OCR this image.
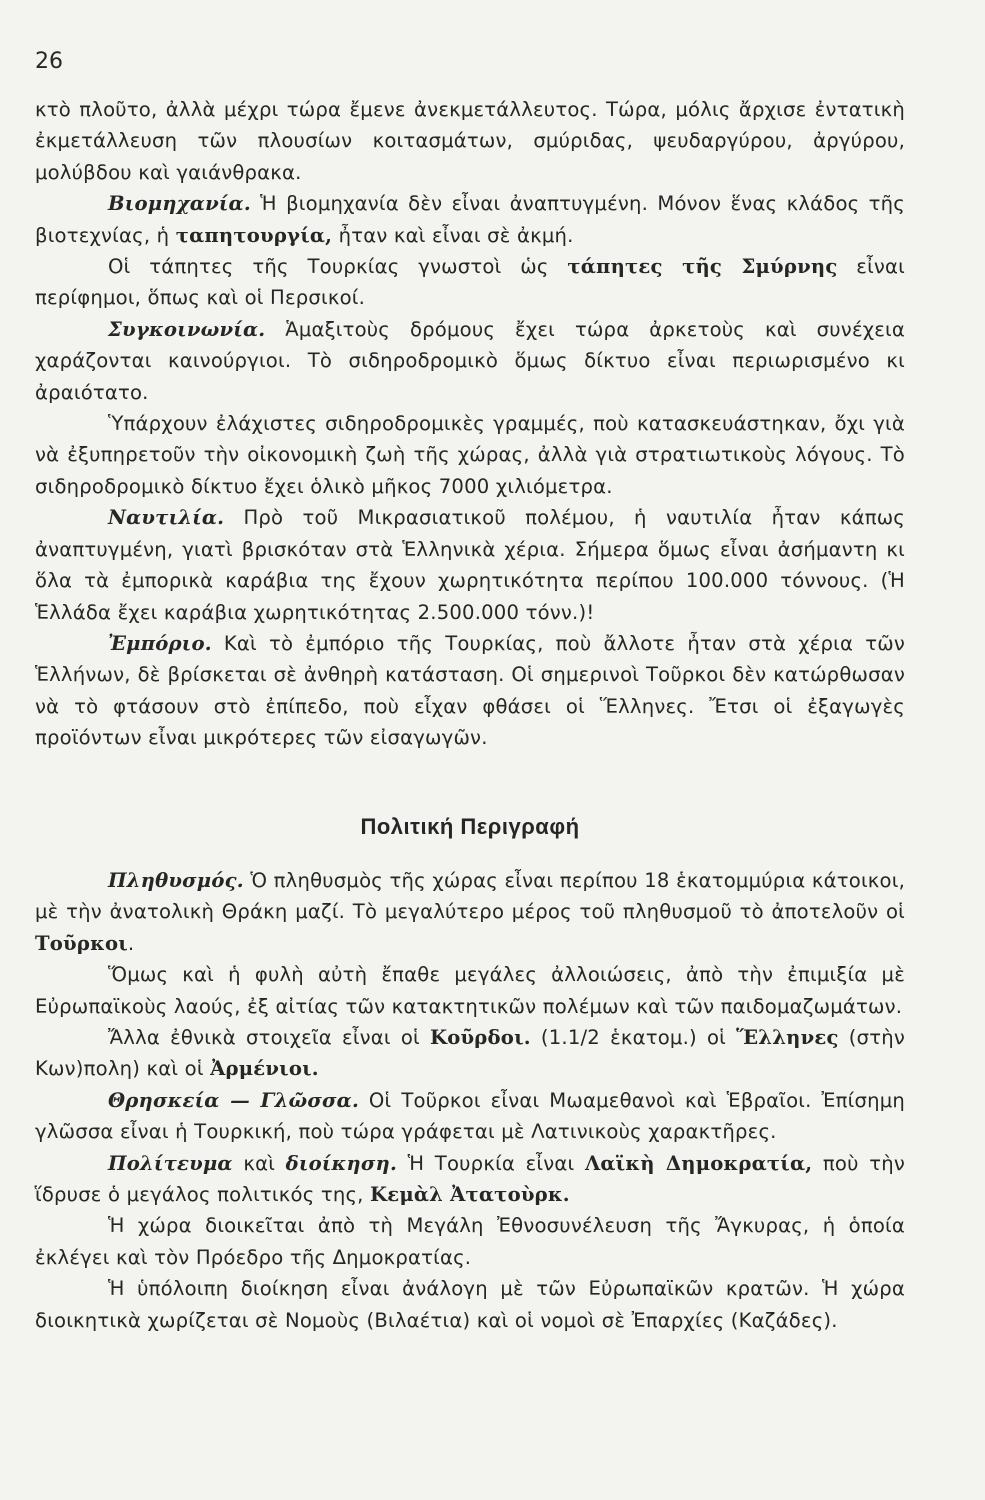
26

κτὸ πλοῦτο, ἀλλὰ μέχρι τώρα ἔμενε ἀνεκμετάλλευτος. Τώρα, μόλις ἄρχισε ἐντατικὴ ἐκμετάλλευση τῶν πλουσίων κοιτασμάτων, σμύριδας, ψευδαργύρου, ἀργύρου, μολύβδου καὶ γαιάνθρακα.

Βιομηχανία. Ἡ βιομηχανία δὲν εἶναι ἀναπτυγμένη. Μόνον ἕνας κλάδος τῆς βιοτεχνίας, ἡ ταπητουργία, ἦταν καὶ εἶναι σὲ ἀκμή.

Οἱ τάπητες τῆς Τουρκίας γνωστοὶ ὡς τάπητες τῆς Σμύρνης εἶναι περίφημοι, ὅπως καὶ οἱ Περσικοί.

Συγκοινωνία. Ἁμαξιτοὺς δρόμους ἔχει τώρα ἀρκετοὺς καὶ συνέχεια χαράζονται καινούργιοι. Τὸ σιδηροδρομικὸ ὅμως δίκτυο εἶναι περιωρισμένο κι ἀραιότατο.

Ὑπάρχουν ἐλάχιστες σιδηροδρομικὲς γραμμές, ποὺ κατασκευάστηκαν, ὄχι γιὰ νὰ ἐξυπηρετοῦν τὴν οἰκονομικὴ ζωὴ τῆς χώρας, ἀλλὰ γιὰ στρατιωτικοὺς λόγους. Τὸ σιδηροδρομικὸ δίκτυο ἔχει ὁλικὸ μῆκος 7000 χιλιόμετρα.

Ναυτιλία. Πρὸ τοῦ Μικρασιατικοῦ πολέμου, ἡ ναυτιλία ἦταν κάπως ἀναπτυγμένη, γιατὶ βρισκόταν στὰ Ἑλληνικὰ χέρια. Σήμερα ὅμως εἶναι ἀσήμαντη κι ὅλα τὰ ἐμπορικὰ καράβια της ἔχουν χωρητικότητα περίπου 100.000 τόννους. (Ἡ Ἑλλάδα ἔχει καράβια χωρητικότητας 2.500.000 τόνν.)!

Ἐμπόριο. Καὶ τὸ ἐμπόριο τῆς Τουρκίας, ποὺ ἄλλοτε ἦταν στὰ χέρια τῶν Ἑλλήνων, δὲ βρίσκεται σὲ ἀνθηρὴ κατάσταση. Οἱ σημερινοὶ Τοῦρκοι δὲν κατώρθωσαν νὰ τὸ φτάσουν στὸ ἐπίπεδο, ποὺ εἶχαν φθάσει οἱ Ἕλληνες. Ἔτσι οἱ ἐξαγωγὲς προϊόντων εἶναι μικρότερες τῶν εἰσαγωγῶν.

Πολιτική Περιγραφή

Πληθυσμός. Ὁ πληθυσμὸς τῆς χώρας εἶναι περίπου 18 ἑκατομμύρια κάτοικοι, μὲ τὴν ἀνατολικὴ Θράκη μαζί. Τὸ μεγαλύτερο μέρος τοῦ πληθυσμοῦ τὸ ἀποτελοῦν οἱ Τοῦρκοι.

Ὅμως καὶ ἡ φυλὴ αὐτὴ ἔπαθε μεγάλες ἀλλοιώσεις, ἀπὸ τὴν ἐπιμιξία μὲ Εὐρωπαϊκοὺς λαούς, ἐξ αἰτίας τῶν κατακτητικῶν πολέμων καὶ τῶν παιδομαζωμάτων.

Ἄλλα ἐθνικὰ στοιχεῖα εἶναι οἱ Κοῦρδοι. (1.1/2 ἑκατομ.) οἱ Ἕλληνες (στὴν Κων)πολη) καὶ οἱ Ἀρμένιοι.

Θρησκεία — Γλῶσσα. Οἱ Τοῦρκοι εἶναι Μωαμεθανοὶ καὶ Ἑβραῖοι. Ἐπίσημη γλῶσσα εἶναι ἡ Τουρκική, ποὺ τώρα γράφεται μὲ Λατινικοὺς χαρακτῆρες.

Πολίτευμα καὶ διοίκηση. Ἡ Τουρκία εἶναι Λαϊκὴ Δημοκρατία, ποὺ τὴν ἵδρυσε ὁ μεγάλος πολιτικός της, Κεμὰλ Ἀτατοὺρκ.

Ἡ χώρα διοικεῖται ἀπὸ τὴ Μεγάλη Ἐθνοσυνέλευση τῆς Ἄγκυρας, ἡ ὁποία ἐκλέγει καὶ τὸν Πρόεδρο τῆς Δημοκρατίας.

Ἡ ὑπόλοιπη διοίκηση εἶναι ἀνάλογη μὲ τῶν Εὐρωπαϊκῶν κρατῶν. Ἡ χώρα διοικητικὰ χωρίζεται σὲ Νομοὺς (Βιλαέτια) καὶ οἱ νομοὶ σὲ Ἐπαρχίες (Καζάδες).
